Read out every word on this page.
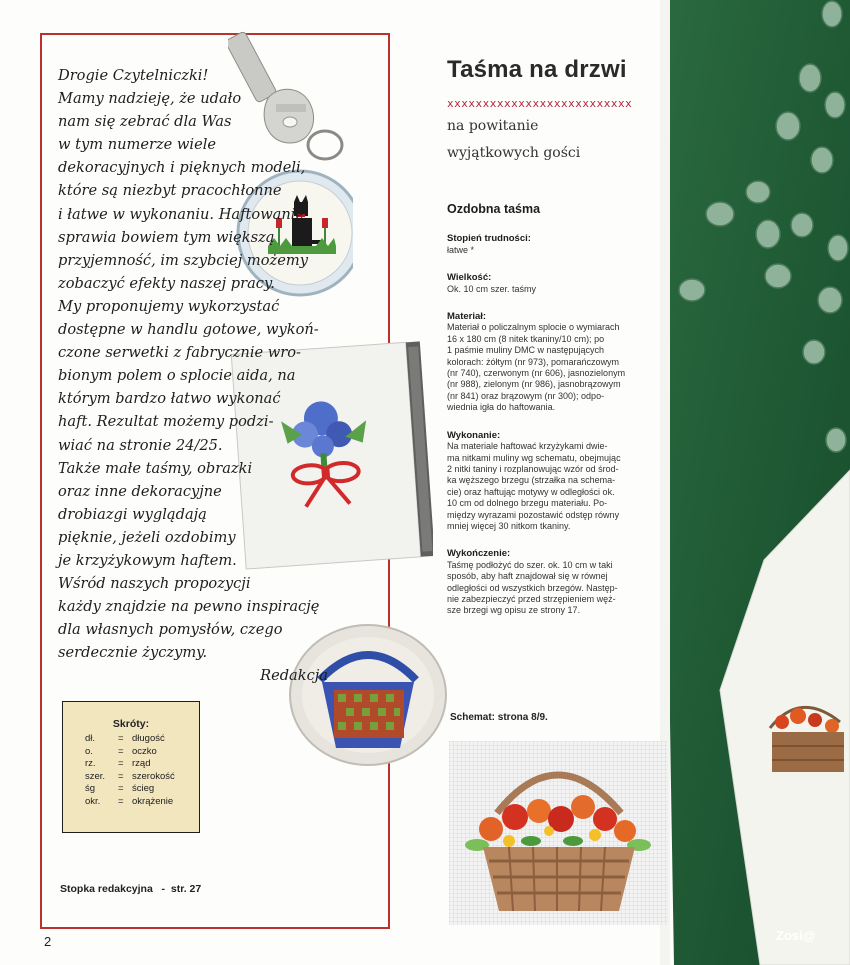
Drogie Czytelniczki!
Mamy nadzieję, że udało
nam się zebrać dla Was
w tym numerze wiele
dekoracyjnych i pięknych modeli,
które są niezbyt pracochłonne
i łatwe w wykonaniu. Haftowanie
sprawia bowiem tym większą
przyjemność, im szybciej możemy
zobaczyć efekty naszej pracy.
My proponujemy wykorzystać
dostępne w handlu gotowe, wykoń-
czone serwetki z fabrycznie wro-
bionym polem o splocie aida, na
którym bardzo łatwo wykonać
haft. Rezultat możemy podzi-
wiać na stronie 24/25.
Także małe taśmy, obrazki
oraz inne dekoracyjne
drobiazgi wyglądają
pięknie, jeżeli ozdobimy
je krzyżykowym haftem.
Wśród naszych propozycji
każdy znajdzie na pewno inspirację
dla własnych pomysłów, czego
serdecznie życzymy.
Redakcja
Skróty:
dł.	= długość
o.	= oczko
rz.	= rząd
szer.	= szerokość
śg	= ścieg
okr.	= okrążenie
Stopka redakcyjna   -  str. 27
2
Taśma na drzwi
xxxxxxxxxxxxxxxxxxxxxxxxxx
na powitanie
wyjątkowych gości
Ozdobna taśma
Stopień trudności:

łatwe *

Wielkość:

Ok. 10 cm szer. taśmy

Materiał:

Materiał o policzalnym splocie o wymiarach
16 x 180 cm (8 nitek tkaniny/10 cm); po
1 paśmie muliny DMC w następujących
kolorach: żółtym (nr 973), pomarańczowym
(nr 740), czerwonym (nr 606), jasnozielonym
(nr 988), zielonym (nr 986), jasnobrązowym
(nr 841) oraz brązowym (nr 300); odpo-
wiednia igła do haftowania.

Wykonanie:

Na materiale haftować krzyżykami dwie-
ma nitkami muliny wg schematu, obejmując
2 nitki taniny i rozplanowując wzór od środ-
ka węższego brzegu (strzałka na schema-
cie) oraz haftując motywy w odległości ok.
10 cm od dolnego brzegu materiału. Po-
między wyrazami pozostawić odstęp równy
mniej więcej 30 nitkom tkaniny.

Wykończenie:

Taśmę podłożyć do szer. ok. 10 cm w taki
sposób, aby haft znajdował się w równej
odległości od wszystkich brzegów. Następ-
nie zabezpieczyć przed strzępieniem węż-
sze brzegi wg opisu ze strony 17.

Schemat: strona 8/9.
Zosi@
